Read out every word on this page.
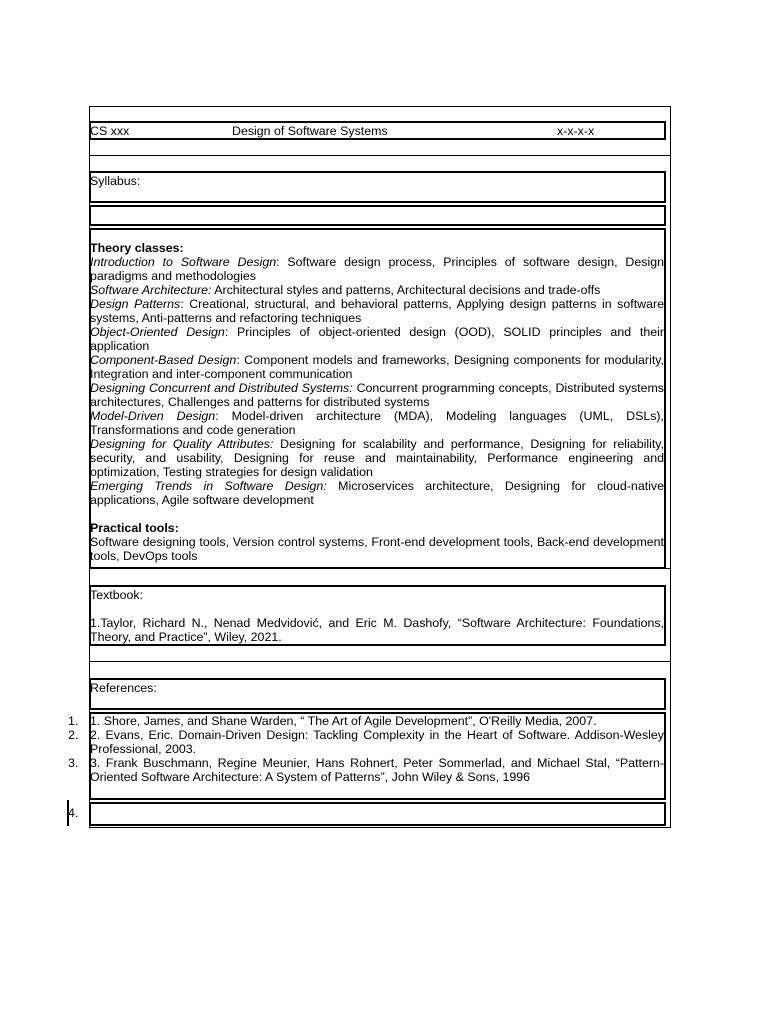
CS xxx	Design of Software Systems	x-x-x-x
Syllabus:

Theory classes:

Introduction to Software Design: Software design process, Principles of software design, Design paradigms and methodologies

Software Architecture: Architectural styles and patterns, Architectural decisions and trade-offs

Design Patterns: Creational, structural, and behavioral patterns, Applying design patterns in software systems, Anti-patterns and refactoring techniques

Object-Oriented Design: Principles of object-oriented design (OOD), SOLID principles and their application

Component-Based Design: Component models and frameworks, Designing components for modularity, Integration and inter-component communication

Designing Concurrent and Distributed Systems: Concurrent programming concepts, Distributed systems architectures, Challenges and patterns for distributed systems

Model-Driven Design: Model-driven architecture (MDA), Modeling languages (UML, DSLs), Transformations and code generation

Designing for Quality Attributes: Designing for scalability and performance, Designing for reliability, security, and usability, Designing for reuse and maintainability, Performance engineering and optimization, Testing strategies for design validation

Emerging Trends in Software Design: Microservices architecture, Designing for cloud-native applications, Agile software development

Practical tools:

Software designing tools, Version control systems, Front-end development tools, Back-end development tools, DevOps tools

Textbook:
1.Taylor, Richard N., Nenad Medvidović, and Eric M. Dashofy, “Software Architecture: Foundations, Theory, and Practice”, Wiley, 2021.
References:
1. 1. Shore, James, and Shane Warden, “ The Art of Agile Development”, O'Reilly Media, 2007.
2. 2. Evans, Eric. Domain-Driven Design: Tackling Complexity in the Heart of Software. Addison-Wesley Professional, 2003.
3. 3. Frank Buschmann, Regine Meunier, Hans Rohnert, Peter Sommerlad, and Michael Stal, “Pattern-Oriented Software Architecture: A System of Patterns”, John Wiley & Sons, 1996
4.
